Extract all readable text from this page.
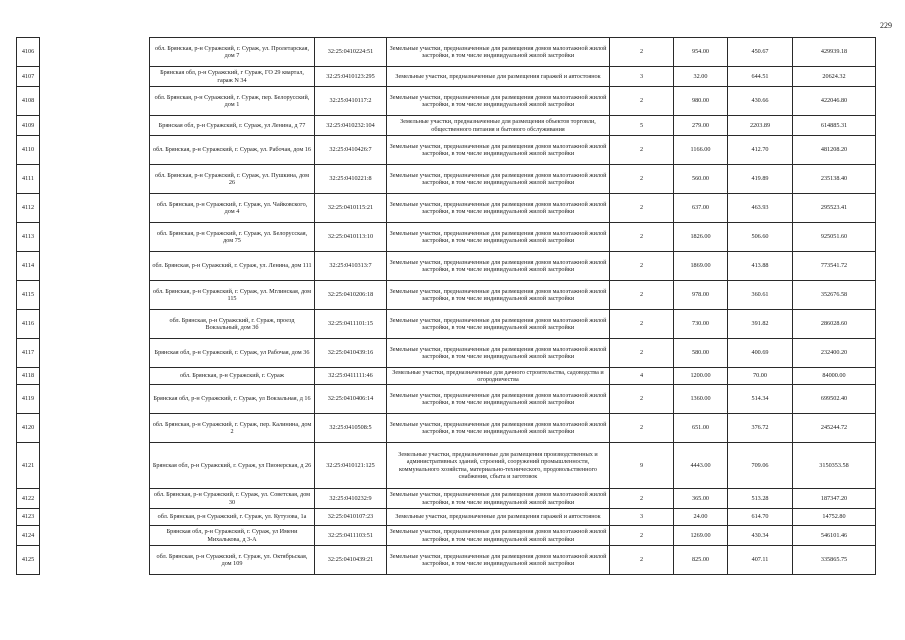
229
4106		обл. Брянская, р-н Суражский, г. Сураж, ул. Пролетарская, дом 7	32:25:0410224:51	Земельные участки, предназначенные для размещения домов малоэтажной жилой застройки, в том числе индивидуальной жилой застройки	2	954.00	450.67	429939.18
4107		Брянская обл, р-н Суражский, г Сураж, ГО 29 квартал, гараж N 34	32:25:0410123:295	Земельные участки, предназначенные для размещения гаражей и автостоянок	3	32.00	644.51	20624.32
4108		обл. Брянская, р-н Суражский, г. Сураж, пер. Белорусский, дом 1	32:25:0410117:2	Земельные участки, предназначенные для размещения домов малоэтажной жилой застройки, в том числе индивидуальной жилой застройки	2	980.00	430.66	422046.80
4109		Брянская обл, р-н Суражский, г. Сураж, ул Ленина, д 77	32:25:0410232:104	Земельные участки, предназначенные для размещения объектов торговли, общественного питания и бытового обслуживания	5	279.00	2203.89	614885.31
4110		обл. Брянская, р-н Суражский, г. Сураж, ул. Рабочая, дом 16	32:25:0410426:7	Земельные участки, предназначенные для размещения домов малоэтажной жилой застройки, в том числе индивидуальной жилой застройки	2	1166.00	412.70	481208.20
4111		обл. Брянская, р-н Суражский, г. Сураж, ул. Пушкина, дом 26	32:25:0410221:8	Земельные участки, предназначенные для размещения домов малоэтажной жилой застройки, в том числе индивидуальной жилой застройки	2	560.00	419.89	235138.40
4112		обл. Брянская, р-н Суражский, г. Сураж, ул. Чайковского, дом 4	32:25:0410115:21	Земельные участки, предназначенные для размещения домов малоэтажной жилой застройки, в том числе индивидуальной жилой застройки	2	637.00	463.93	295523.41
4113		обл. Брянская, р-н Суражский, г. Сураж, ул. Белорусская, дом 75	32:25:0410113:10	Земельные участки, предназначенные для размещения домов малоэтажной жилой застройки, в том числе индивидуальной жилой застройки	2	1826.00	506.60	925051.60
4114		обл. Брянская, р-н Суражский, г. Сураж, ул. Ленина, дом 111	32:25:0410313:7	Земельные участки, предназначенные для размещения домов малоэтажной жилой застройки, в том числе индивидуальной жилой застройки	2	1869.00	413.88	773541.72
4115		обл. Брянская, р-н Суражский, г. Сураж, ул. Мглинская, дом 115	32:25:0410206:18	Земельные участки, предназначенные для размещения домов малоэтажной жилой застройки, в том числе индивидуальной жилой застройки	2	978.00	360.61	352676.58
4116		обл. Брянская, р-н Суражский, г. Сураж, проезд Вокзальный, дом 3б	32:25:0411101:15	Земельные участки, предназначенные для размещения домов малоэтажной жилой застройки, в том числе индивидуальной жилой застройки	2	730.00	391.82	286028.60
4117		Брянская обл, р-н Суражский, г. Сураж, ул Рабочая, дом 36	32:25:0410439:16	Земельные участки, предназначенные для размещения домов малоэтажной жилой застройки, в том числе индивидуальной жилой застройки	2	580.00	400.69	232400.20
4118		обл. Брянская, р-н Суражский, г. Сураж	32:25:0411111:46	Земельные участки, предназначенные для дачного строительства, садоводства и огородничества	4	1200.00	70.00	84000.00
4119		Брянская обл, р-н Суражский, г. Сураж, ул Вокзальная, д 16	32:25:0410406:14	Земельные участки, предназначенные для размещения домов малоэтажной жилой застройки, в том числе индивидуальной жилой застройки	2	1360.00	514.34	699502.40
4120		обл. Брянская, р-н Суражский, г. Сураж, пер. Калинина, дом 2	32:25:0410508:5	Земельные участки, предназначенные для размещения домов малоэтажной жилой застройки, в том числе индивидуальной жилой застройки	2	651.00	376.72	245244.72
4121		Брянская обл, р-н Суражский, г. Сураж, ул Пионерская, д 26	32:25:0410121:125	Земельные участки, предназначенные для размещения производственных и административных зданий, строений, сооружений промышленности, коммунального хозяйства, материально-технического, продовольственного снабжения, сбыта и заготовок	9	4443.00	709.06	3150353.58
4122		обл. Брянская, р-н Суражский, г. Сураж, ул. Советская, дом 30	32:25:0410232:9	Земельные участки, предназначенные для размещения домов малоэтажной жилой застройки, в том числе индивидуальной жилой застройки	2	365.00	513.28	187347.20
4123		обл. Брянская, р-н Суражский, г. Сураж, ул. Кутузова, 1а	32:25:0410107:23	Земельные участки, предназначенные для размещения гаражей и автостоянок	3	24.00	614.70	14752.80
4124		Брянская обл, р-н Суражский, г. Сураж, ул Имени Михалькова, д 3-А	32:25:0411103:51	Земельные участки, предназначенные для размещения домов малоэтажной жилой застройки, в том числе индивидуальной жилой застройки	2	1269.00	430.34	546101.46
4125		обл. Брянская, р-н Суражский, г. Сураж, ул. Октябрьская, дом 109	32:25:0410439:21	Земельные участки, предназначенные для размещения домов малоэтажной жилой застройки, в том числе индивидуальной жилой застройки	2	825.00	407.11	335865.75
